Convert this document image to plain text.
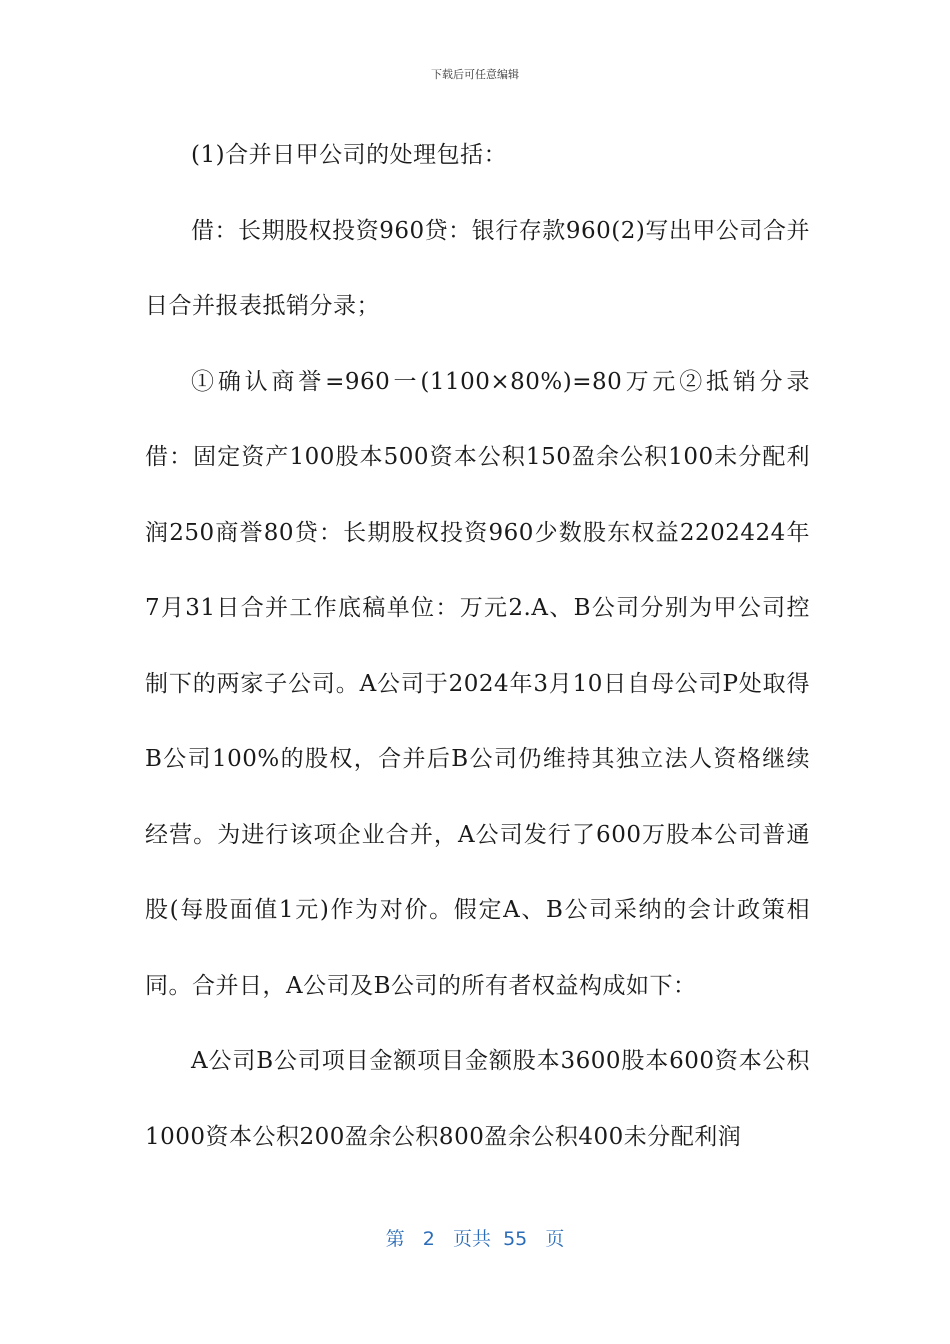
下载后可任意编辑

(1)合并日甲公司的处理包括：

借：长期股权投资960贷：银行存款960(2)写出甲公司合并日合并报表抵销分录；

①确认商誉=960一(1100×80%)=80万元②抵销分录借：固定资产100股本500资本公积150盈余公积100未分配利润250商誉80贷：长期股权投资960少数股东权益2202424年7月31日合并工作底稿单位：万元2.A、B公司分别为甲公司控制下的两家子公司。A公司于2024年3月10日自母公司P处取得B公司100%的股权，合并后B公司仍维持其独立法人资格继续经营。为进行该项企业合并，A公司发行了600万股本公司普通股(每股面值1元)作为对价。假定A、B公司采纳的会计政策相同。合并日，A公司及B公司的所有者权益构成如下：

A公司B公司项目金额项目金额股本3600股本600资本公积1000资本公积200盈余公积800盈余公积400未分配利润

第 2 页共 55 页
